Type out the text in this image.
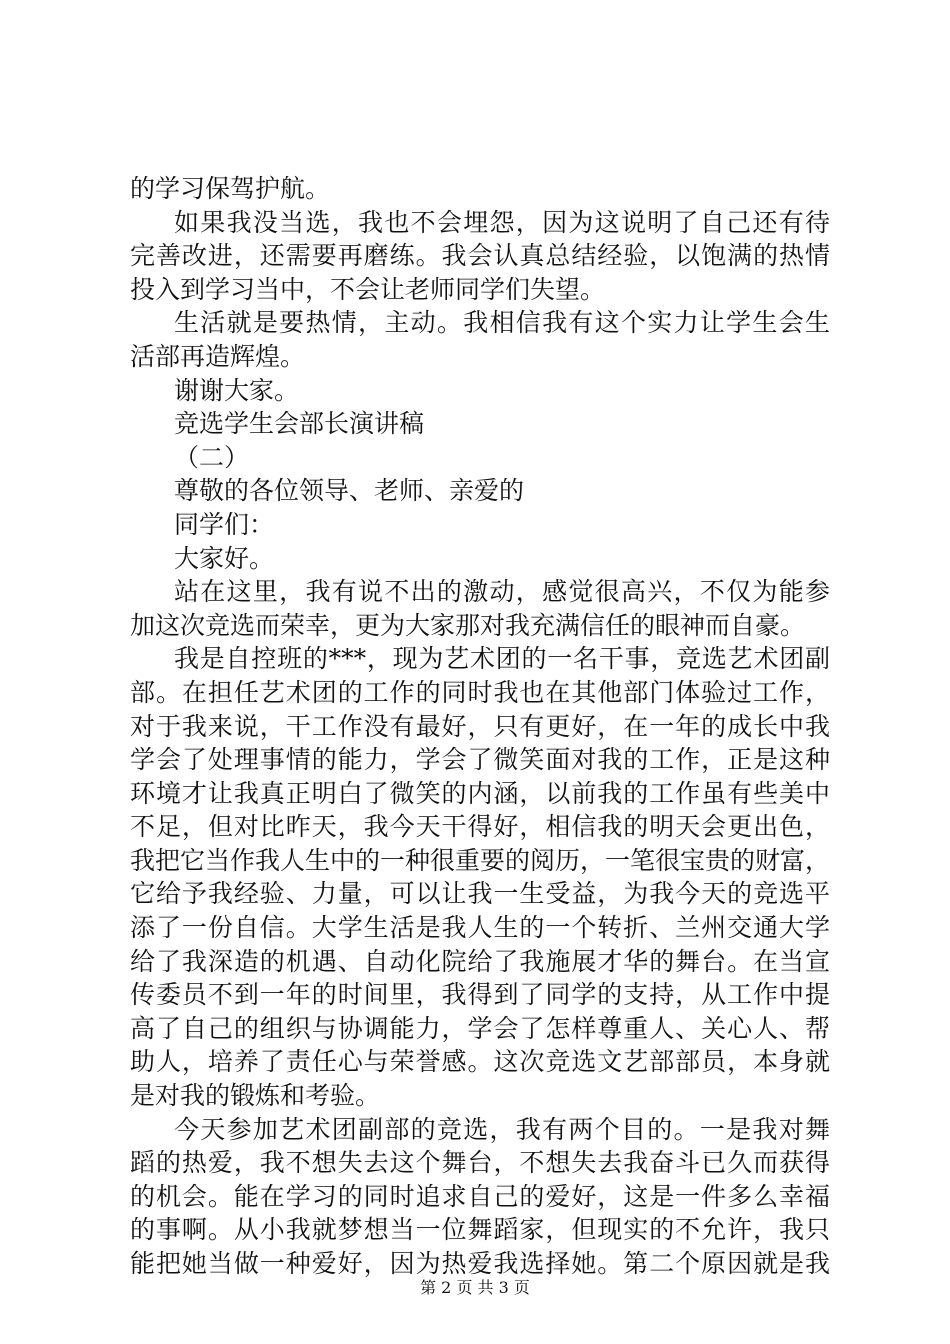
的学习保驾护航。
如果我没当选，我也不会埋怨，因为这说明了自己还有待
完善改进，还需要再磨练。我会认真总结经验，以饱满的热情
投入到学习当中，不会让老师同学们失望。
生活就是要热情，主动。我相信我有这个实力让学生会生
活部再造辉煌。
谢谢大家。
竞选学生会部长演讲稿
（二）
尊敬的各位领导、老师、亲爱的
同学们：
大家好。
站在这里，我有说不出的激动，感觉很高兴，不仅为能参
加这次竞选而荣幸，更为大家那对我充满信任的眼神而自豪。
我是自控班的***，现为艺术团的一名干事，竞选艺术团副
部。在担任艺术团的工作的同时我也在其他部门体验过工作，
对于我来说，干工作没有最好，只有更好，在一年的成长中我
学会了处理事情的能力，学会了微笑面对我的工作，正是这种
环境才让我真正明白了微笑的内涵，以前我的工作虽有些美中
不足，但对比昨天，我今天干得好，相信我的明天会更出色，
我把它当作我人生中的一种很重要的阅历，一笔很宝贵的财富，
它给予我经验、力量，可以让我一生受益，为我今天的竞选平
添了一份自信。大学生活是我人生的一个转折、兰州交通大学
给了我深造的机遇、自动化院给了我施展才华的舞台。在当宣
传委员不到一年的时间里，我得到了同学的支持，从工作中提
高了自己的组织与协调能力，学会了怎样尊重人、关心人、帮
助人，培养了责任心与荣誉感。这次竞选文艺部部员，本身就
是对我的锻炼和考验。
今天参加艺术团副部的竞选，我有两个目的。一是我对舞
蹈的热爱，我不想失去这个舞台，不想失去我奋斗已久而获得
的机会。能在学习的同时追求自己的爱好，这是一件多么幸福
的事啊。从小我就梦想当一位舞蹈家，但现实的不允许，我只
能把她当做一种爱好，因为热爱我选择她。第二个原因就是我
第 2 页 共 3 页
